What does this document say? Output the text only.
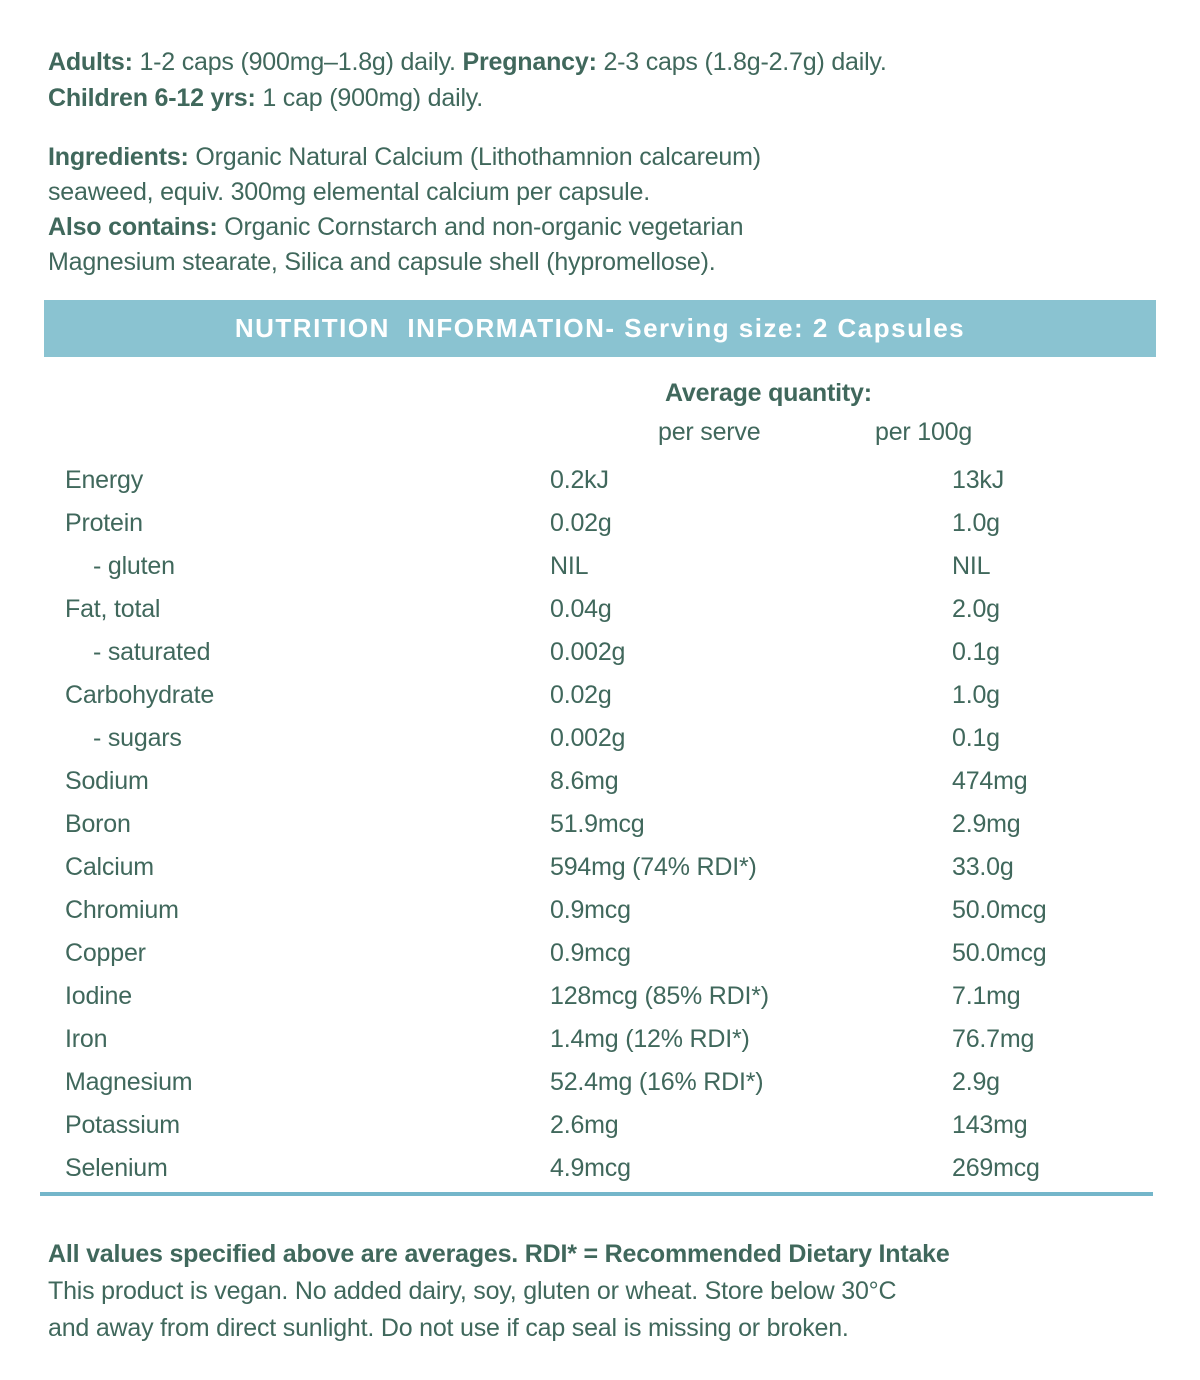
Adults: 1-2 caps (900mg–1.8g) daily. Pregnancy: 2-3 caps (1.8g-2.7g) daily.
Children 6-12 yrs: 1 cap (900mg) daily.

Ingredients: Organic Natural Calcium (Lithothamnion calcareum)
seaweed, equiv. 300mg elemental calcium per capsule.
Also contains: Organic Cornstarch and non-organic vegetarian
Magnesium stearate, Silica and capsule shell (hypromellose).

NUTRITION  INFORMATION- Serving size: 2 Capsules
Average quantity:
per serve	per 100g
Energy	0.2kJ	13kJ
Protein	0.02g	1.0g
- gluten	NIL	NIL
Fat, total	0.04g	2.0g
- saturated	0.002g	0.1g
Carbohydrate	0.02g	1.0g
- sugars	0.002g	0.1g
Sodium	8.6mg	474mg
Boron	51.9mcg	2.9mg
Calcium	594mg (74% RDI*)	33.0g
Chromium	0.9mcg	50.0mcg
Copper	0.9mcg	50.0mcg
Iodine	128mcg (85% RDI*)	7.1mg
Iron	1.4mg (12% RDI*)	76.7mg
Magnesium	52.4mg (16% RDI*)	2.9g
Potassium	2.6mg	143mg
Selenium	4.9mcg	269mcg

All values specified above are averages. RDI* = Recommended Dietary Intake
This product is vegan. No added dairy, soy, gluten or wheat. Store below 30°C
and away from direct sunlight. Do not use if cap seal is missing or broken.
